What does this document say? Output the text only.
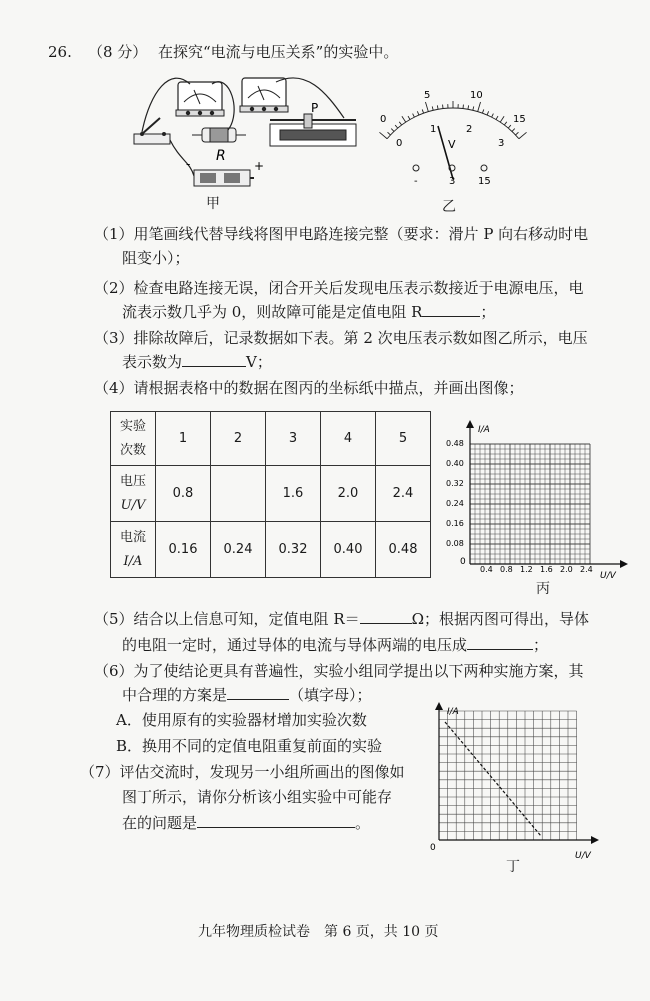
26. （8 分） 在探究“电流与电压关系”的实验中。
R
P
-	+
甲
0
5	10
15
0
1	2
3
V
-	3 15
乙
（1）用笔画线代替导线将图甲电路连接完整（要求：滑片 P 向右移动时电
阻变小）；
（2）检查电路连接无误，闭合开关后发现电压表示数接近于电源电压，电
流表示数几乎为 0，则故障可能是定值电阻 R	；
（3）排除故障后，记录数据如下表。第 2 次电压表示数如图乙所示，电压
表示数为	V；
（4）请根据表格中的数据在图丙的坐标纸中描点，并画出图像；
实验
次数	1	2	3	4	5
电压
U/V	0.8		1.6	2.0	2.4
电流
I/A	0.16	0.24	0.32	0.40	0.48
I/A
0
0.08
0.16
0.24
0.32
0.40
0.48
0.4 0.8 1.2 1.6 2.0 2.4
U/V
丙
（5）结合以上信息可知，定值电阻 R＝	Ω；根据丙图可得出，导体
的电阻一定时，通过导体的电流与导体两端的电压成	；
（6）为了使结论更具有普遍性，实验小组同学提出以下两种实施方案，其
中合理的方案是	（填字母）；
A．使用原有的实验器材增加实验次数
B．换用不同的定值电阻重复前面的实验
（7）评估交流时，发现另一小组所画出的图像如
图丁所示，请你分析该小组实验中可能存
在的问题是	。
I/A
0
U/V
丁
九年物理质检试卷　第 6 页，共 10 页
